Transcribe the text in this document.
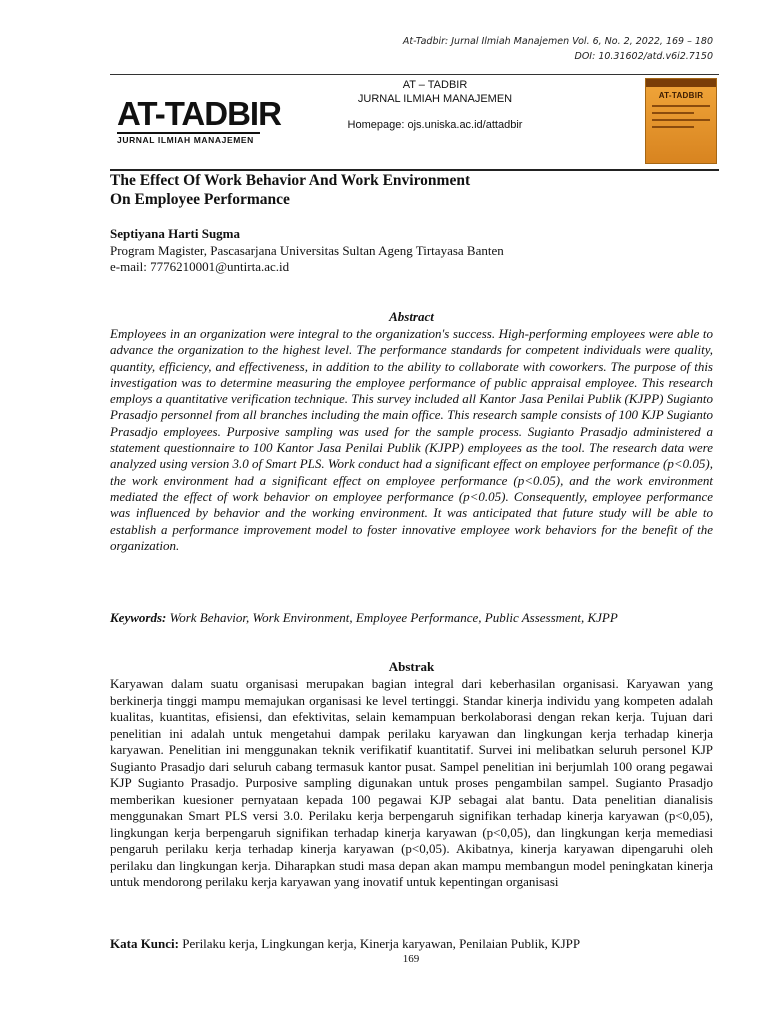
At-Tadbir: Jurnal Ilmiah Manajemen Vol. 6, No. 2, 2022, 169 – 180
DOI: 10.31602/atd.v6i2.7150
AT-TADBIR
JURNAL ILMIAH MANAJEMEN
AT – TADBIR
JURNAL ILMIAH MANAJEMEN
Homepage: ojs.uniska.ac.id/attadbir
AT-TADBIR
The Effect Of Work Behavior And Work Environment
On Employee Performance
Septiyana Harti Sugma
Program Magister, Pascasarjana Universitas Sultan Ageng Tirtayasa Banten
e-mail: 7776210001@untirta.ac.id
Abstract
Employees in an organization were integral to the organization's success. High-performing employees were able to advance the organization to the highest level. The performance standards for competent individuals were quality, quantity, efficiency, and effectiveness, in addition to the ability to collaborate with coworkers. The purpose of this investigation was to determine measuring the employee performance of public appraisal employee. This research employs a quantitative verification technique. This survey included all Kantor Jasa Penilai Publik (KJPP) Sugianto Prasadjo personnel from all branches including the main office. This research sample consists of 100 KJP Sugianto Prasadjo employees. Purposive sampling was used for the sample process. Sugianto Prasadjo administered a statement questionnaire to 100 Kantor Jasa Penilai Publik (KJPP) employees as the tool. The research data were analyzed using version 3.0 of Smart PLS. Work conduct had a significant effect on employee performance (p<0.05), the work environment had a significant effect on employee performance (p<0.05), and the work environment mediated the effect of work behavior on employee performance (p<0.05). Consequently, employee performance was influenced by behavior and the working environment. It was anticipated that future study will be able to establish a performance improvement model to foster innovative employee work behaviors for the benefit of the organization.
Keywords: Work Behavior, Work Environment, Employee Performance, Public Assessment, KJPP
Abstrak
Karyawan dalam suatu organisasi merupakan bagian integral dari keberhasilan organisasi. Karyawan yang berkinerja tinggi mampu memajukan organisasi ke level tertinggi. Standar kinerja individu yang kompeten adalah kualitas, kuantitas, efisiensi, dan efektivitas, selain kemampuan berkolaborasi dengan rekan kerja. Tujuan dari penelitian ini adalah untuk mengetahui dampak perilaku karyawan dan lingkungan kerja terhadap kinerja karyawan. Penelitian ini menggunakan teknik verifikatif kuantitatif. Survei ini melibatkan seluruh personel KJP Sugianto Prasadjo dari seluruh cabang termasuk kantor pusat. Sampel penelitian ini berjumlah 100 orang pegawai KJP Sugianto Prasadjo. Purposive sampling digunakan untuk proses pengambilan sampel. Sugianto Prasadjo memberikan kuesioner pernyataan kepada 100 pegawai KJP sebagai alat bantu. Data penelitian dianalisis menggunakan Smart PLS versi 3.0. Perilaku kerja berpengaruh signifikan terhadap kinerja karyawan (p<0,05), lingkungan kerja berpengaruh signifikan terhadap kinerja karyawan (p<0,05), dan lingkungan kerja memediasi pengaruh perilaku kerja terhadap kinerja karyawan (p<0,05). Akibatnya, kinerja karyawan dipengaruhi oleh perilaku dan lingkungan kerja. Diharapkan studi masa depan akan mampu membangun model peningkatan kinerja untuk mendorong perilaku kerja karyawan yang inovatif untuk kepentingan organisasi
Kata Kunci: Perilaku kerja, Lingkungan kerja, Kinerja karyawan, Penilaian Publik, KJPP
169
